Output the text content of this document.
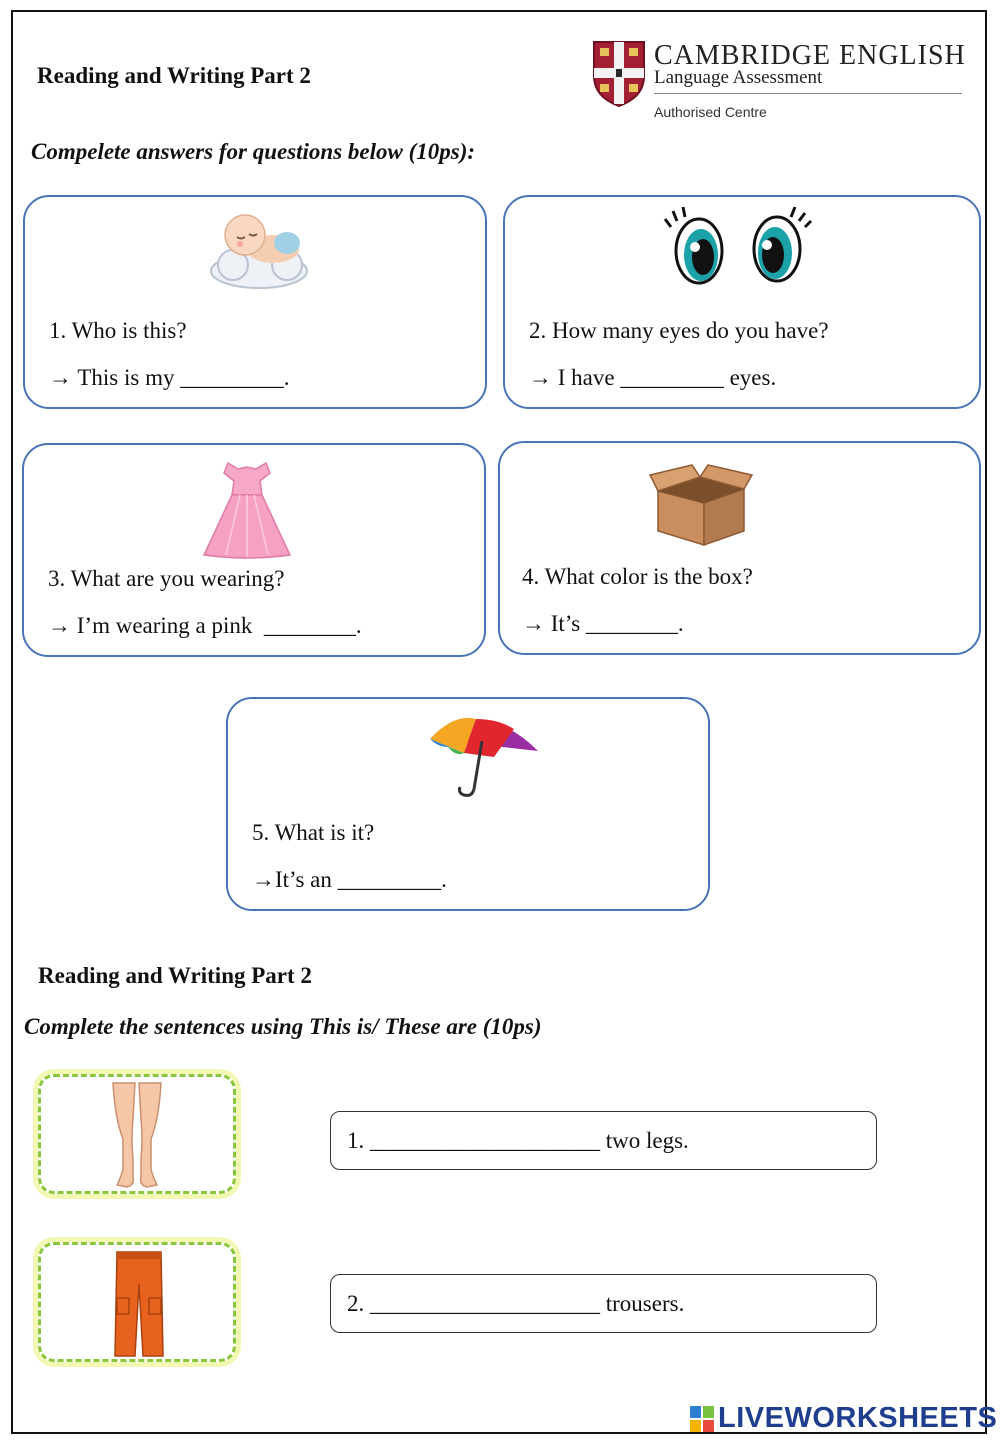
Reading and Writing Part 2
CAMBRIDGE ENGLISH
Language Assessment
Authorised Centre
Compelete answers for questions below (10ps):
1. Who is this?
→ This is my _________.
2. How many eyes do you have?
→ I have _________ eyes.
3. What are you wearing?
→ I’m wearing a pink  ________.
4. What color is the box?
→ It’s ________.
5. What is it?
→It’s an _________.
Reading and Writing Part 2
Complete the sentences using This is/ These are (10ps)
1. ____________________ two legs.
2. ____________________ trousers.
LIVEWORKSHEETS
